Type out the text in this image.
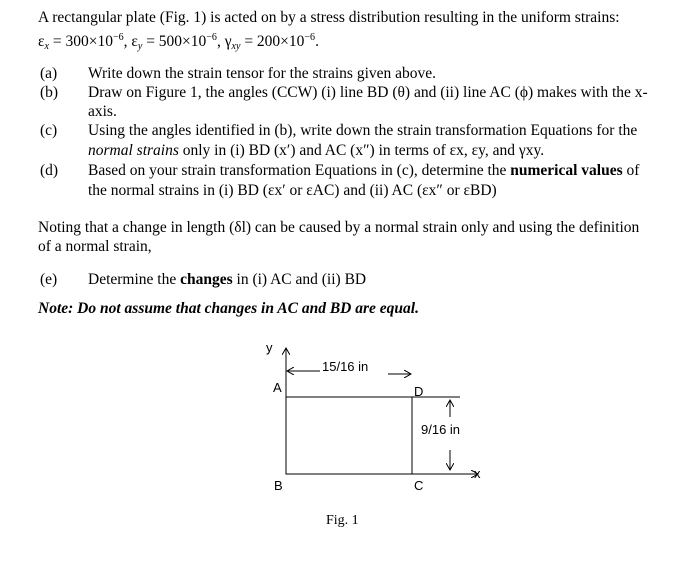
A rectangular plate (Fig. 1) is acted on by a stress distribution resulting in the uniform strains:
$\varepsilon_x = 300\times 10^{-6}$, $\varepsilon_y = 500\times 10^{-6}$, $\gamma_{xy} = 200\times 10^{-6}$.
(a) Write down the strain tensor for the strains given above.
(b) Draw on Figure 1, the angles (CCW) (i) line BD (θ) and (ii) line AC (ϕ) makes with the x-
axis.
(c) Using the angles identified in (b), write down the strain transformation Equations for the
normal strains only in (i) BD (x′) and AC (x″) in terms of εx, εy, and γxy.
(d) Based on your strain transformation Equations in (c), determine the numerical values of
the normal strains in (i) BD (εx′ or εAC) and (ii) AC (εx″ or εBD)
Noting that a change in length (δl) can be caused by a normal strain only and using the definition
of a normal strain,
(e) Determine the changes in (i) AC and (ii) BD
Note: Do not assume that changes in AC and BD are equal.
y
x
15/16 in
9/16 in
A
B	C
D
Fig. 1
